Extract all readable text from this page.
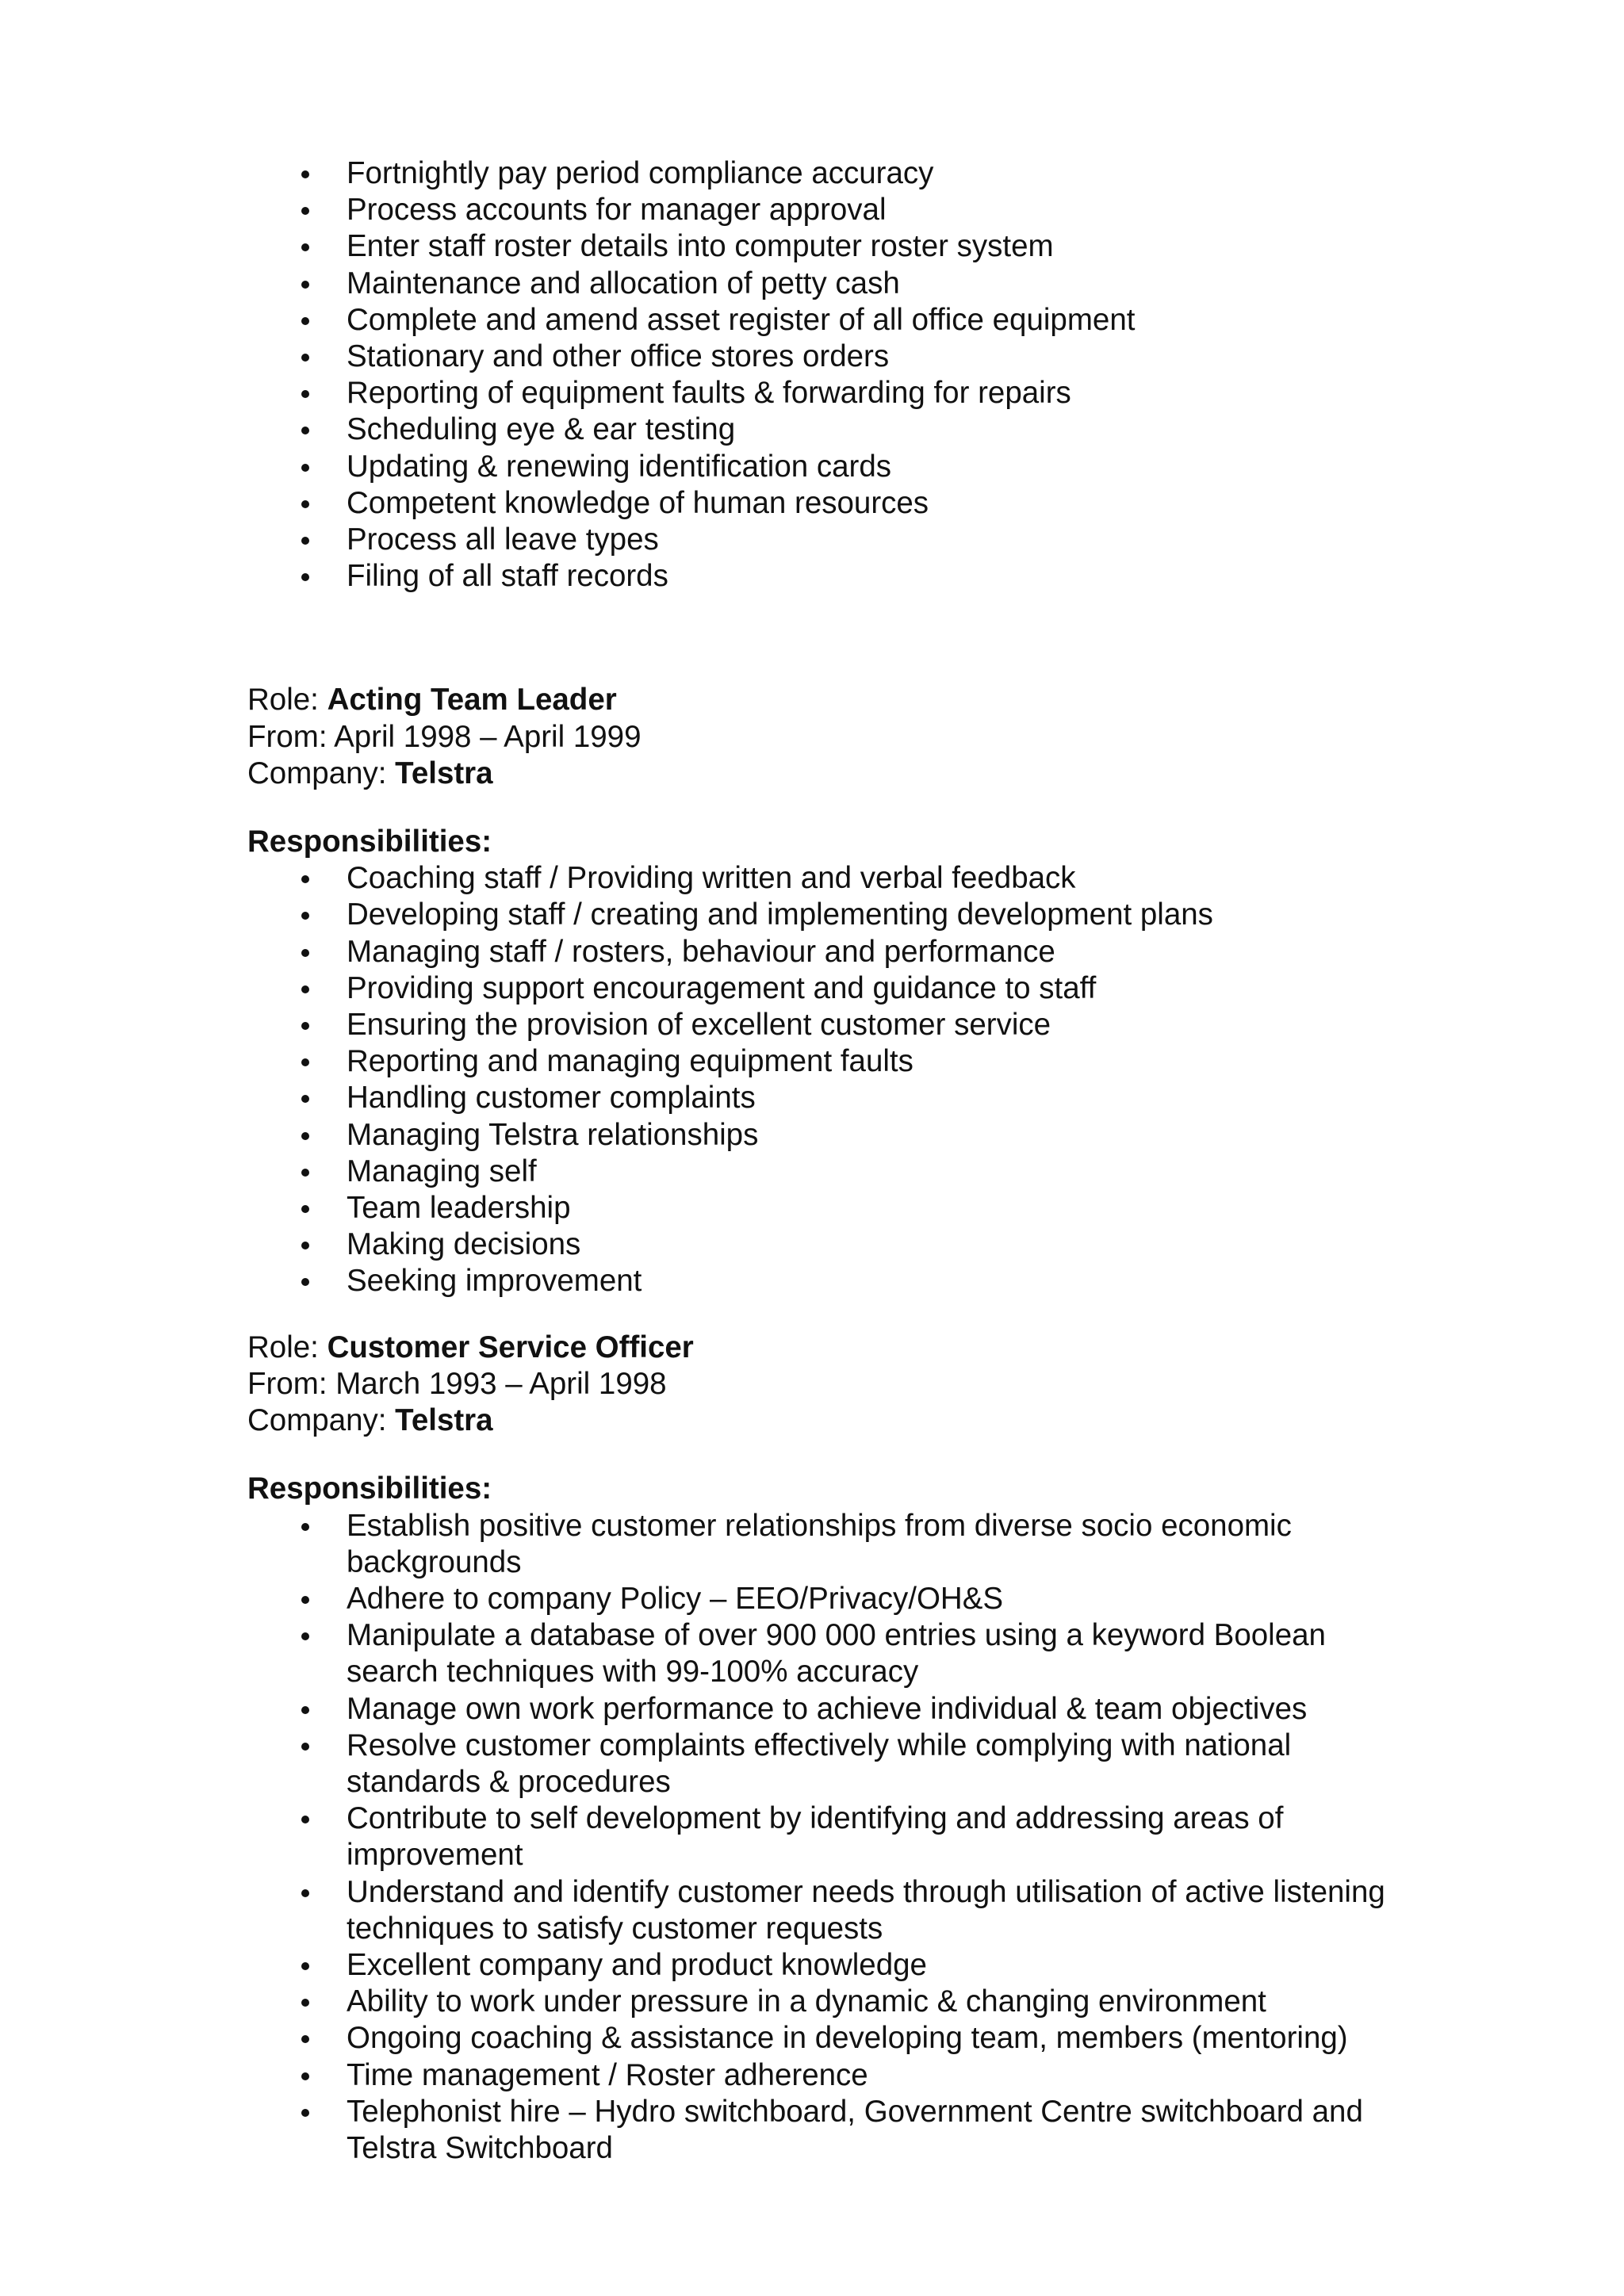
Fortnightly pay period compliance accuracy
Process accounts for manager approval
Enter staff roster details into computer roster system
Maintenance and allocation of petty cash
Complete and amend asset register of all office equipment
Stationary and other office stores orders
Reporting of equipment faults & forwarding for repairs
Scheduling eye & ear testing
Updating & renewing identification cards
Competent knowledge of human resources
Process all leave types
Filing of all staff records

Role: Acting Team Leader

From: April 1998 – April 1999

Company: Telstra

Responsibilities:

Coaching staff / Providing written and verbal feedback
Developing staff / creating and implementing development plans
Managing staff / rosters, behaviour and performance
Providing support encouragement and guidance to staff
Ensuring the provision of excellent customer service
Reporting and managing equipment faults
Handling customer complaints
Managing Telstra relationships
Managing self
Team leadership
Making decisions
Seeking improvement

Role: Customer Service Officer

From: March 1993 – April 1998

Company: Telstra

Responsibilities:

Establish positive customer relationships from diverse socio economic backgrounds
Adhere to company Policy – EEO/Privacy/OH&S
Manipulate a database of over 900 000 entries using a keyword Boolean search techniques with 99-100% accuracy
Manage own work performance to achieve individual & team objectives
Resolve customer complaints effectively while complying with national standards & procedures
Contribute to self development by identifying and addressing areas of improvement
Understand and identify customer needs through utilisation of active listening techniques to satisfy customer requests
Excellent company and product knowledge
Ability to work under pressure in a dynamic & changing environment
Ongoing coaching & assistance in developing team, members (mentoring)
Time management / Roster adherence
Telephonist hire – Hydro switchboard, Government Centre switchboard and Telstra Switchboard
